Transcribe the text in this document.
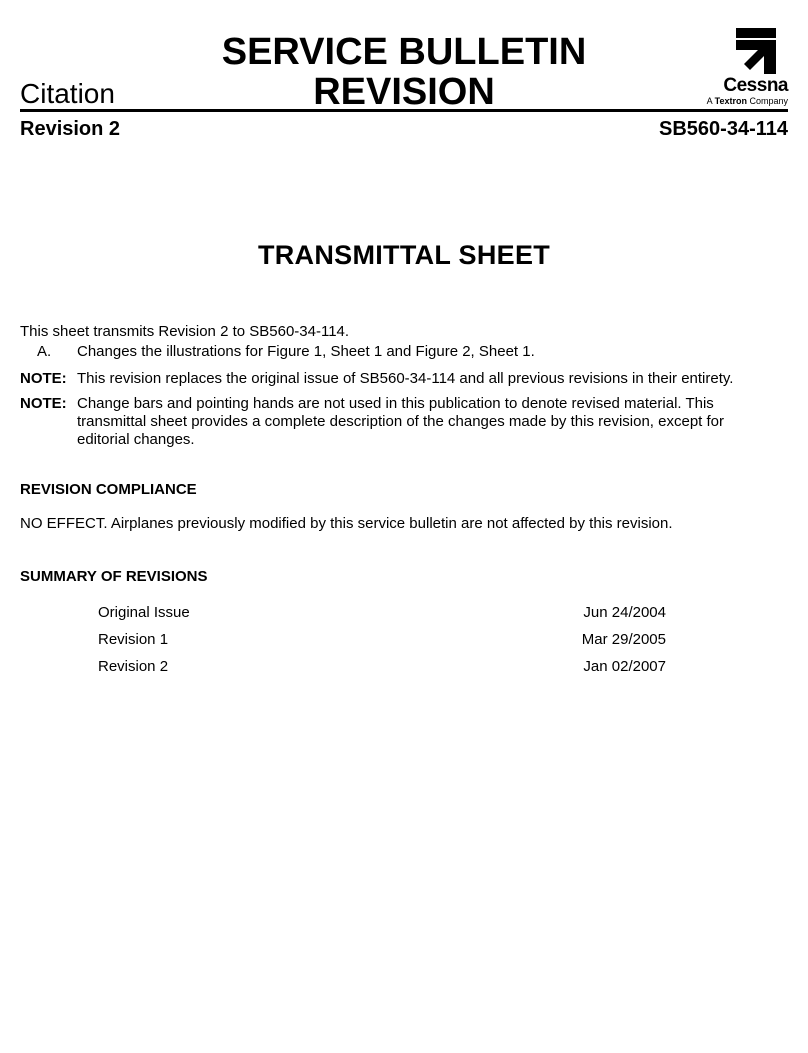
SERVICE BULLETIN
REVISION
Citation	Cessna
A Textron Company
Revision 2	SB560-34-114
TRANSMITTAL SHEET
This sheet transmits Revision 2 to SB560-34-114.
A. Changes the illustrations for Figure 1, Sheet 1 and Figure 2, Sheet 1.
NOTE: This revision replaces the original issue of SB560-34-114 and all previous revisions in their entirety.
NOTE: Change bars and pointing hands are not used in this publication to denote revised material. This transmittal sheet provides a complete description of the changes made by this revision, except for editorial changes.
REVISION COMPLIANCE
NO EFFECT. Airplanes previously modified by this service bulletin are not affected by this revision.
SUMMARY OF REVISIONS
Original Issue	Jun 24/2004
Revision 1	Mar 29/2005
Revision 2	Jan 02/2007
